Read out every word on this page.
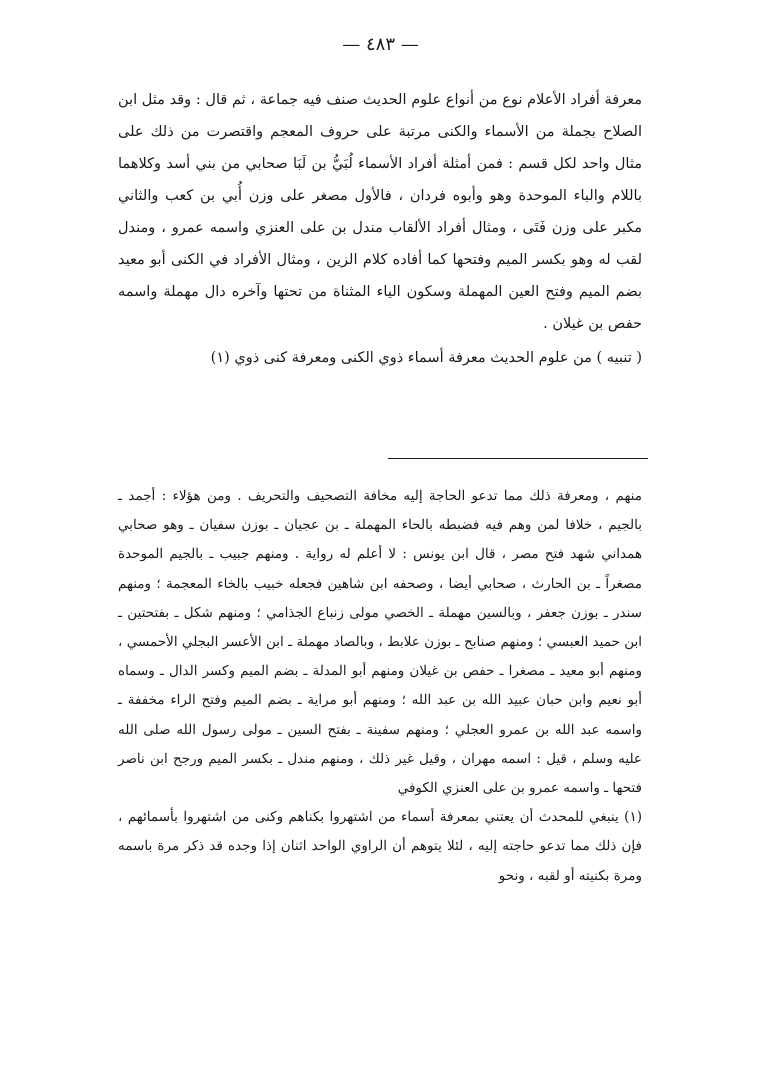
— ٤٨٣ —

معرفة أفراد الأعلام نوع من أنواع علوم الحديث صنف فيه جماعة ، ثم قال : وقد مثل ابن الصلاح بجملة من الأسماء والكنى مرتبة على حروف المعجم واقتصرت من ذلك على مثال واحد لكل قسم : فمن أمثلة أفراد الأسماء لُبَيُّ بن لَبَا صحابي من بني أسد وكلاهما باللام والباء الموحدة وهو وأبوه فردان ، فالأول مصغر على وزن أُبي بن كعب والثاني مكبر على وزن فَتَى ، ومثال أفراد الألقاب مندل بن على العنزي واسمه عمرو ، ومندل لقب له وهو بكسر الميم وفتحها كما أفاده كلام الزين ، ومثال الأفراد في الكنى أبو معيد بضم الميم وفتح العين المهملة وسكون الياء المثناة من تحتها وآخره دال مهملة واسمه حفص بن غيلان .

( تنبيه ) من علوم الحديث معرفة أسماء ذوي الكنى ومعرفة كنى ذوي (١)

منهم ، ومعرفة ذلك مما تدعو الحاجة إليه مخافة التصحيف والتحريف . ومن هؤلاء : أجمد ـ بالجيم ، خلافا لمن وهم فيه فضبطه بالحاء المهملة ـ بن عجيان ـ بوزن سفيان ـ وهو صحابي همداني شهد فتح مصر ، قال ابن يونس : لا أعلم له رواية . ومنهم جبيب ـ بالجيم الموحدة مصغراً ـ بن الحارث ، صحابي أيضا ، وصحفه ابن شاهين فجعله خبيب بالخاء المعجمة ؛ ومنهم سندر ـ بوزن جعفر ، وبالسين مهملة ـ الخصي مولى زنباع الجذامي ؛ ومنهم شكل ـ بفتحتين ـ ابن حميد العبسي ؛ ومنهم صنابح ـ بوزن علابط ، وبالصاد مهملة ـ ابن الأعسر البجلي الأحمسي ، ومنهم أبو معيد ـ مصغرا ـ حفص بن غيلان ومنهم أبو المدلة ـ بضم الميم وكسر الدال ـ وسماه أبو نعيم وابن حبان عبيد الله بن عبد الله ؛ ومنهم أبو مراية ـ بضم الميم وفتح الراء مخففة ـ واسمه عبد الله بن عمرو العجلي ؛ ومنهم سفينة ـ بفتح السين ـ مولى رسول الله صلى الله عليه وسلم ، قيل : اسمه مهران ، وقيل غير ذلك ، ومنهم مندل ـ بكسر الميم ورجح ابن ناصر فتحها ـ واسمه عمرو بن على العنزي الكوفي

(١) ينبغي للمحدث أن يعتني بمعرفة أسماء من اشتهروا بكناهم وكنى من اشتهروا بأسمائهم ، فإن ذلك مما تدعو حاجته إليه ، لئلا يتوهم أن الراوي الواحد اثنان إذا وجده قد ذكر مرة باسمه ومرة بكنيته أو لقبه ، ونحو
